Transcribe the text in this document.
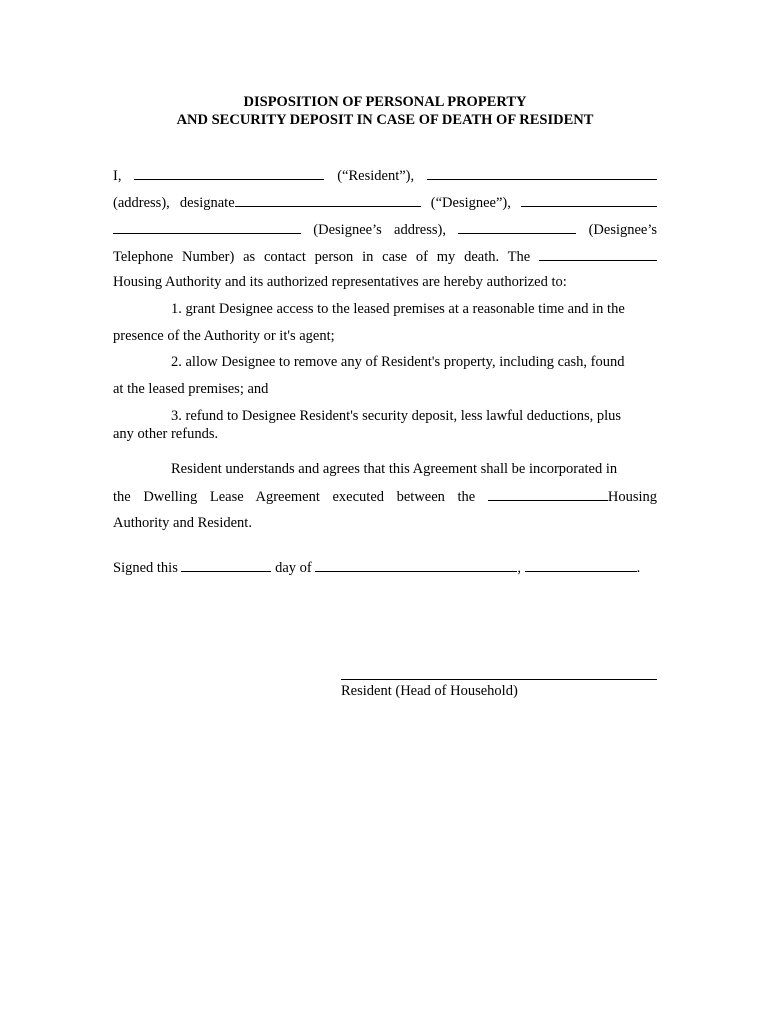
DISPOSITION OF PERSONAL PROPERTY
AND SECURITY DEPOSIT IN CASE OF DEATH OF RESIDENT
I,	(“Resident”),
(address), designate	(“Designee”),
(Designee’s address),	(Designee’s
Telephone Number) as contact person in case of my death. The
Housing Authority and its authorized representatives are hereby authorized to:
1. grant Designee access to the leased premises at a reasonable time and in the
presence of the Authority or it's agent;
2. allow Designee to remove any of Resident's property, including cash, found
at the leased premises; and
3. refund to Designee Resident's security deposit, less lawful deductions, plus
any other refunds.
Resident understands and agrees that this Agreement shall be incorporated in
the Dwelling Lease Agreement executed between the	Housing
Authority and Resident.
Signed this	day of	,	.
Resident (Head of Household)
